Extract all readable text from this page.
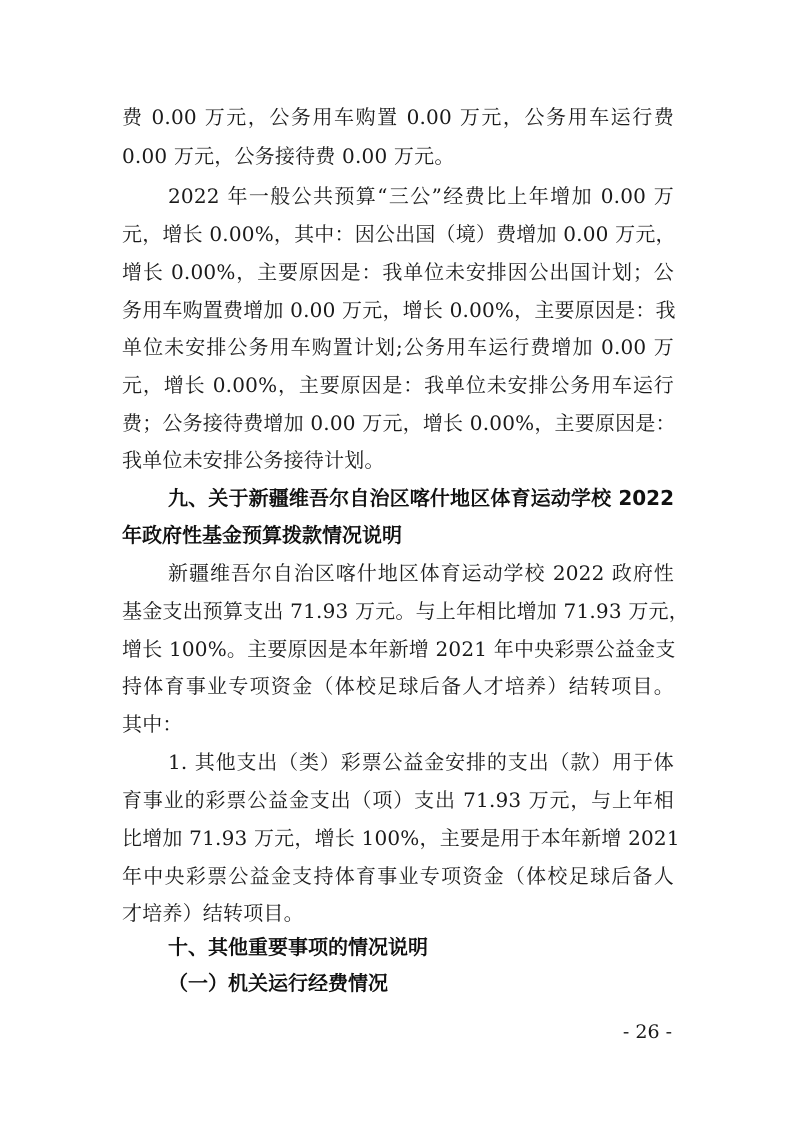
费 0.00 万元，公务用车购置 0.00 万元，公务用车运行费
0.00 万元，公务接待费 0.00 万元。
2022 年一般公共预算“三公”经费比上年增加 0.00 万
元，增长 0.00%，其中：因公出国（境）费增加 0.00 万元，
增长 0.00%，主要原因是：我单位未安排因公出国计划；公
务用车购置费增加 0.00 万元，增长 0.00%，主要原因是：我
单位未安排公务用车购置计划;公务用车运行费增加 0.00 万
元，增长 0.00%，主要原因是：我单位未安排公务用车运行
费；公务接待费增加 0.00 万元，增长 0.00%，主要原因是：
我单位未安排公务接待计划。
九、关于新疆维吾尔自治区喀什地区体育运动学校 2022
年政府性基金预算拨款情况说明
新疆维吾尔自治区喀什地区体育运动学校 2022 政府性
基金支出预算支出 71.93 万元。与上年相比增加 71.93 万元，
增长 100%。主要原因是本年新增 2021 年中央彩票公益金支
持体育事业专项资金（体校足球后备人才培养）结转项目。
其中：
1. 其他支出（类）彩票公益金安排的支出（款）用于体
育事业的彩票公益金支出（项）支出 71.93 万元，与上年相
比增加 71.93 万元，增长 100%，主要是用于本年新增 2021
年中央彩票公益金支持体育事业专项资金（体校足球后备人
才培养）结转项目。
十、其他重要事项的情况说明
（一）机关运行经费情况
- 26 -
